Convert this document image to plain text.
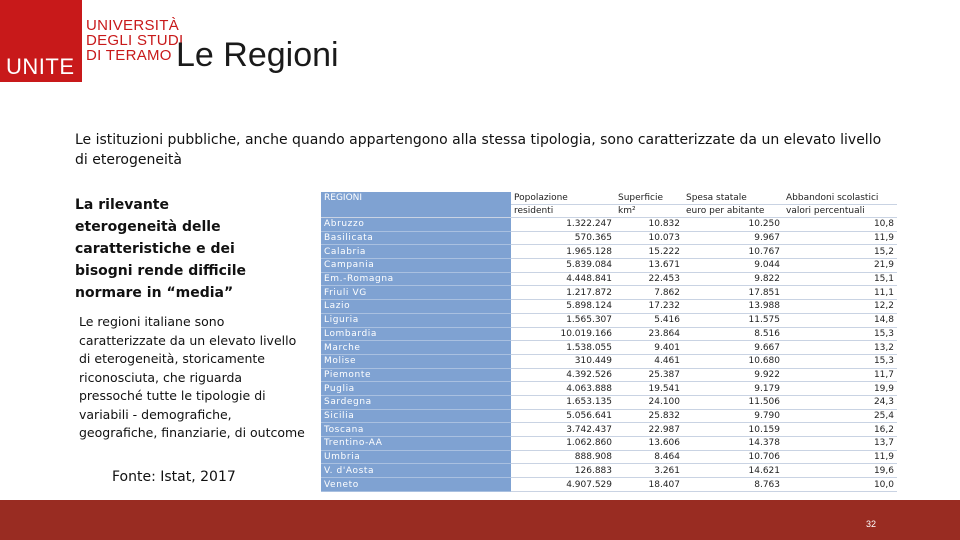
UNITE
UNIVERSITÀ
DEGLI STUDI
DI TERAMO Le Regioni
Le istituzioni pubbliche, anche quando appartengono alla stessa tipologia, sono caratterizzate da un elevato livello di eterogeneità
La rilevante eterogeneità delle caratteristiche e dei bisogni rende difficile normare in “media”
Le regioni italiane sono caratterizzate da un elevato livello di eterogeneità, storicamente riconosciuta, che riguarda pressoché tutte le tipologie di variabili - demografiche, geografiche, finanziarie, di outcome
Fonte: Istat, 2017
REGIONI	Popolazione	Superficie	Spesa statale	Abbandoni scolastici
	residenti	km²	euro per abitante	valori percentuali
Abruzzo	1.322.247	10.832	10.250	10,8
Basilicata	570.365	10.073	9.967	11,9
Calabria	1.965.128	15.222	10.767	15,2
Campania	5.839.084	13.671	9.044	21,9
Em.-Romagna	4.448.841	22.453	9.822	15,1
Friuli VG	1.217.872	7.862	17.851	11,1
Lazio	5.898.124	17.232	13.988	12,2
Liguria	1.565.307	5.416	11.575	14,8
Lombardia	10.019.166	23.864	8.516	15,3
Marche	1.538.055	9.401	9.667	13,2
Molise	310.449	4.461	10.680	15,3
Piemonte	4.392.526	25.387	9.922	11,7
Puglia	4.063.888	19.541	9.179	19,9
Sardegna	1.653.135	24.100	11.506	24,3
Sicilia	5.056.641	25.832	9.790	25,4
Toscana	3.742.437	22.987	10.159	16,2
Trentino-AA	1.062.860	13.606	14.378	13,7
Umbria	888.908	8.464	10.706	11,9
V. d'Aosta	126.883	3.261	14.621	19,6
Veneto	4.907.529	18.407	8.763	10,0
32
